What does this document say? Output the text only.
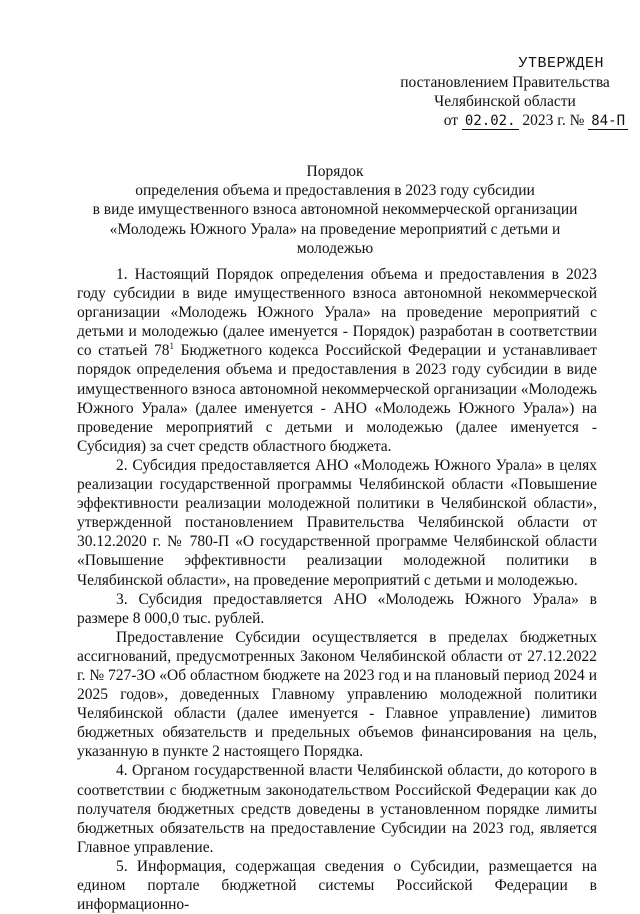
УТВЕРЖДЕН
постановлением Правительства
Челябинской области
от 02.02. 2023 г. № 84-П
Порядок
определения объема и предоставления в 2023 году субсидии
в виде имущественного взноса автономной некоммерческой организации
«Молодежь Южного Урала» на проведение мероприятий с детьми и
молодежью

1. Настоящий Порядок определения объема и предоставления в 2023 году субсидии в виде имущественного взноса автономной некоммерческой организации «Молодежь Южного Урала» на проведение мероприятий с детьми и молодежью (далее именуется - Порядок) разработан в соответствии со статьей $78^1$ Бюджетного кодекса Российской Федерации и устанавливает порядок определения объема и предоставления в 2023 году субсидии в виде имущественного взноса автономной некоммерческой организации «Молодежь Южного Урала» (далее именуется - АНО «Молодежь Южного Урала») на проведение мероприятий с детьми и молодежью (далее именуется - Субсидия) за счет средств областного бюджета.

2. Субсидия предоставляется АНО «Молодежь Южного Урала» в целях реализации государственной программы Челябинской области «Повышение эффективности реализации молодежной политики в Челябинской области», утвержденной постановлением Правительства Челябинской области от 30.12.2020 г. № 780-П «О государственной программе Челябинской области «Повышение эффективности реализации молодежной политики в Челябинской области», на проведение мероприятий с детьми и молодежью.

3. Субсидия предоставляется АНО «Молодежь Южного Урала» в размере 8 000,0 тыс. рублей.

Предоставление Субсидии осуществляется в пределах бюджетных ассигнований, предусмотренных Законом Челябинской области от 27.12.2022 г. № 727-ЗО «Об областном бюджете на 2023 год и на плановый период 2024 и 2025 годов», доведенных Главному управлению молодежной политики Челябинской области (далее именуется - Главное управление) лимитов бюджетных обязательств и предельных объемов финансирования на цель, указанную в пункте 2 настоящего Порядка.

4. Органом государственной власти Челябинской области, до которого в соответствии с бюджетным законодательством Российской Федерации как до получателя бюджетных средств доведены в установленном порядке лимиты бюджетных обязательств на предоставление Субсидии на 2023 год, является Главное управление.

5. Информация, содержащая сведения о Субсидии, размещается на едином портале бюджетной системы Российской Федерации в информационно-
